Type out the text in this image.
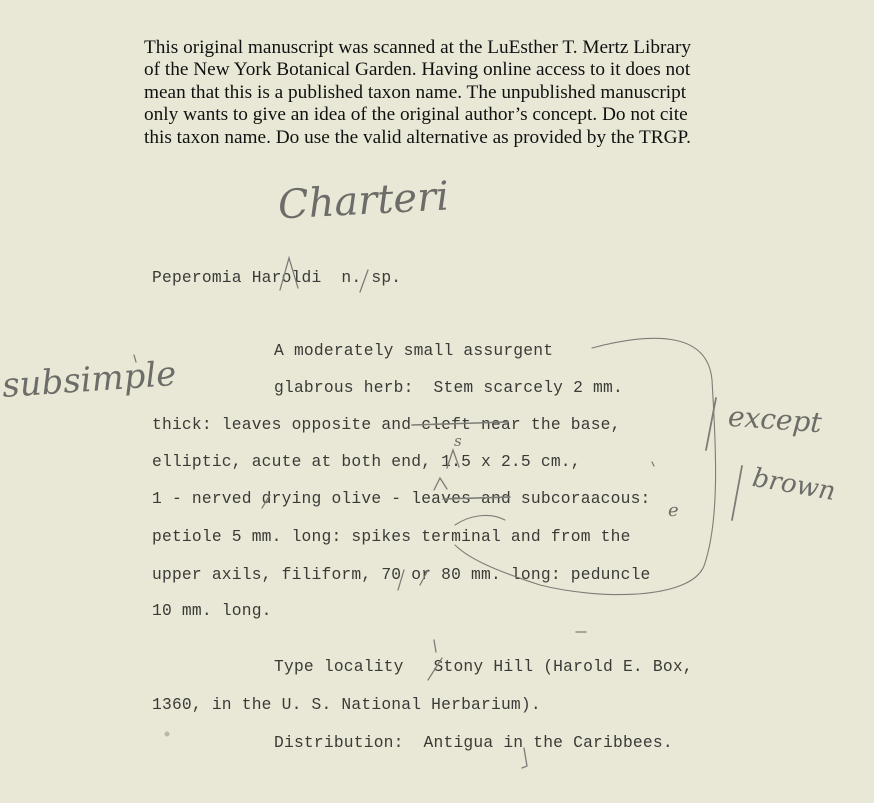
This original manuscript was scanned at the LuEsther T. Mertz Library
of the New York Botanical Garden. Having online access to it does not
mean that this is a published taxon name. The unpublished manuscript
only wants to give an idea of the original author’s concept. Do not cite
this taxon name. Do use the valid alternative as provided by the TRGP.
Charteri
subsimple
except
brown
s
e
Peperomia Haroldi  n. sp.
A moderately small assurgent
glabrous herb:  Stem scarcely 2 mm.
thick: leaves opposite and cleft near the base,
elliptic, acute at both end, 1.5 x 2.5 cm.,
1 - nerved drying olive - leaves and subcoraacous:
petiole 5 mm. long: spikes terminal and from the
upper axils, filiform, 70 or 80 mm. long: peduncle
10 mm. long.
Type locality   Stony Hill (Harold E. Box,
1360, in the U. S. National Herbarium).
Distribution:  Antigua in the Caribbees.
